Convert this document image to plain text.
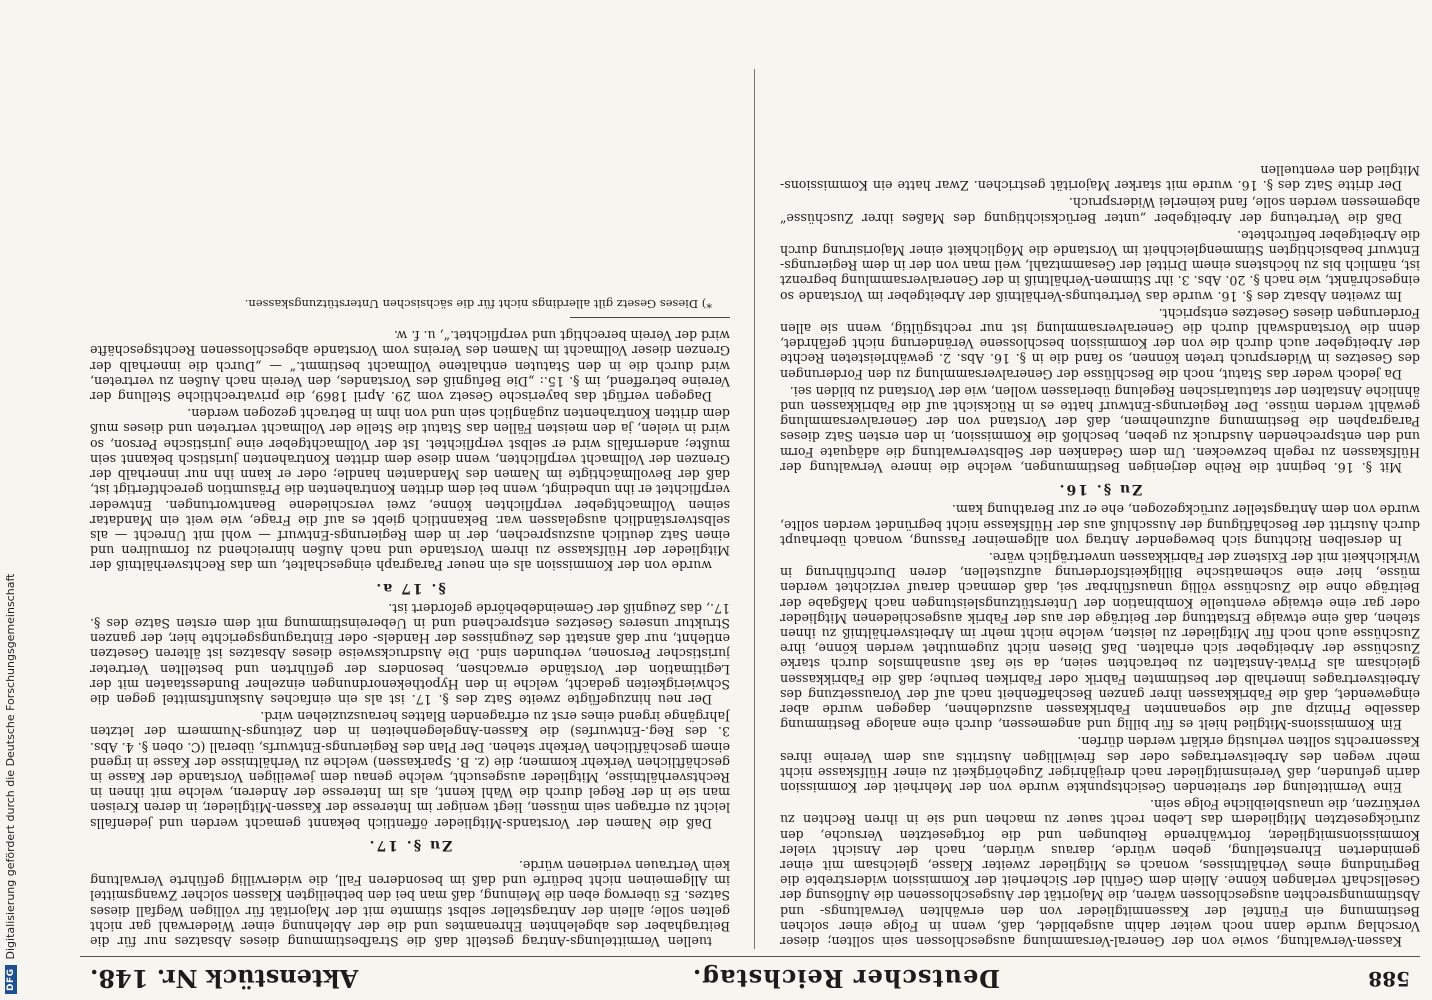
DFG
Digitalisierung gefördert durch die Deutsche Forschungsgemeinschaft
588
Deutscher Reichstag.
Aktenstück Nr. 148.

Kassen-Verwaltung, sowie von der General-Versammlung ausgeschlossen sein sollten; dieser Vorschlag wurde dann noch weiter dahin ausgebildet, daß, wenn in Folge einer solchen Bestimmung ein Fünftel der Kassenmitglieder von den erwählten Verwaltungs- und Abstimmungsrechten ausgeschlossen wären, die Majorität der Ausgeschlossenen die Auflösung der Gesellschaft verlangen könne. Allein dem Gefühl der Sicherheit der Kommission widerstrebte die Begründung eines Verhältnisses, wonach es Mitglieder zweiter Klasse, gleichsam mit einer geminderten Ehrenstellung, geben würde, daraus würden, nach der Ansicht vieler Kommissionsmitglieder, fortwährende Reibungen und die fortgesetzten Versuche, den zurückgesetzten Mitgliedern das Leben recht sauer zu machen und sie in ihren Rechten zu verkürzen, die unausbleibliche Folge sein.

Eine Vermittelung der streitenden Gesichtspunkte wurde von der Mehrheit der Kommission darin gefunden, daß Vereinsmitglieder nach dreijähriger Zugehörigkeit zu einer Hülfskasse nicht mehr wegen des Arbeitsvertrages oder des freiwilligen Austritts aus dem Vereine ihres Kassenrechts sollten verlustig erklärt werden dürfen.

Ein Kommissions-Mitglied hielt es für billig und angemessen, durch eine analoge Bestimmung dasselbe Prinzip auf die sogenannten Fabrikkassen auszudehnen, dagegen wurde aber eingewendet, daß die Fabrikkassen ihrer ganzen Beschaffenheit nach auf der Voraussetzung des Arbeitsvertrages innerhalb der bestimmten Fabrik oder Fabriken beruhe; daß die Fabrikkassen gleichsam als Privat-Anstalten zu betrachten seien, da sie fast ausnahmslos durch starke Zuschüsse der Arbeitgeber sich erhalten. Daß Diesen nicht zugemuthet werden könne, ihre Zuschüsse auch noch für Mitglieder zu leisten, welche nicht mehr im Arbeitsverhältniß zu ihnen stehen, daß eine etwaige Erstattung der Beiträge der aus der Fabrik ausgeschiedenen Mitglieder oder gar eine etwaige eventuelle Kombination der Unterstützungsleistungen nach Maßgabe der Beiträge ohne die Zuschüsse völlig unausführbar sei, daß demnach darauf verzichtet werden müsse, hier eine schematische Billigkeitsforderung aufzustellen, deren Durchführung in Wirklichkeit mit der Existenz der Fabrikkassen unverträglich wäre.

In derselben Richtung sich bewegender Antrag von allgemeiner Fassung, wonach überhaupt durch Austritt der Beschäftigung der Ausschluß aus der Hülfskasse nicht begründet werden sollte, wurde von dem Antragsteller zurückgezogen, ehe er zur Berathung kam.

Zu §. 16.

Mit §. 16. beginnt die Reihe derjenigen Bestimmungen, welche die innere Verwaltung der Hülfskassen zu regeln bezwecken. Um dem Gedanken der Selbstverwaltung die adäquate Form und den entsprechenden Ausdruck zu geben, beschloß die Kommission, in den ersten Satz dieses Paragraphen die Bestimmung aufzunehmen, daß der Vorstand von der Generalversammlung gewählt werden müsse. Der Regierungs-Entwurf hatte es in Rücksicht auf die Fabrikkassen und ähnliche Anstalten der statutarischen Regelung überlassen wollen, wie der Vorstand zu bilden sei.

Da jedoch weder das Statut, noch die Beschlüsse der Generalversammlung zu den Forderungen des Gesetzes in Widerspruch treten können, so fand die in §. 16. Abs. 2. gewährleisteten Rechte der Arbeitgeber auch durch die von der Kommission beschlossene Veränderung nicht gefährdet, denn die Vorstandswahl durch die Generalversammlung ist nur rechtsgültig, wenn sie allen Forderungen dieses Gesetzes entspricht.

Im zweiten Absatz des §. 16. wurde das Vertretungs-Verhältniß der Arbeitgeber im Vorstande so eingeschränkt, wie nach §. 20. Abs. 3. ihr Stimmen-Verhältniß in der Generalversammlung begrenzt ist, nämlich bis zu höchstens einem Drittel der Gesammtzahl, weil man von der in dem Regierungs-Entwurf beabsichtigten Stimmengleichheit im Vorstande die Möglichkeit einer Majorisirung durch die Arbeitgeber befürchtete.

Daß die Vertretung der Arbeitgeber „unter Berücksichtigung des Maßes ihrer Zuschüsse“ abgemessen werden solle, fand keinerlei Widerspruch.

Der dritte Satz des §. 16. wurde mit starker Majorität gestrichen. Zwar hatte ein Kommissions-Mitglied den eventuellen

tuellen Vermittelungs-Antrag gestellt daß die Strafbestimmung dieses Absatzes nur für die Beitraghaber des abgelehnten Ehrenamtes und die der Ablehnung einer Wiederwahl gar nicht gelten solle; allein der Antragsteller selbst stimmte mit der Majorität für völligen Wegfall dieses Satzes. Es überwog eben die Meinung, daß man bei den betheiligten Klassen solcher Zwangsmittel im Allgemeinen nicht bedürfe und daß im besonderen Fall, die widerwillig geführte Verwaltung kein Vertrauen verdienen würde.

Zu §. 17.

Daß die Namen der Vorstands-Mitglieder öffentlich bekannt gemacht werden und jedenfalls leicht zu erfragen sein müssen, liegt weniger im Interesse der Kassen-Mitglieder, in deren Kreisen man sie in der Regel durch die Wahl kennt, als im Interesse der Anderen, welche mit ihnen in Rechtsverhältnisse, Mitglieder ausgesucht, welche genau dem jeweiligen Vorstande der Kasse in geschäftlichen Verkehr kommen; die (z. B. Sparkassen) welche zu Verhältnisse der Kasse in irgend einem geschäftlichen Verkehr stehen. Der Plan des Regierungs-Entwurfs, überall (C. oben §. 4. Abs. 3. des Reg.-Entwurfes) die Kassen-Angelegenheiten in den Zeitungs-Nummern der letzten Jahrgänge irgend eines erst zu erfragenden Blattes herauszuziehen wird.

Der neu hinzugefügte zweite Satz des §. 17. ist als ein einfaches Auskunftsmittel gegen die Schwierigkeiten gedacht, welche in den Hypothekenordnungen einzelner Bundesstaaten mit der Legitimation der Vorstände erwachsen, besonders der geführten und bestellten Vertreter juristischer Personen, verbunden sind. Die Ausdrucksweise dieses Absatzes ist älteren Gesetzen entlehnt, nur daß anstatt des Zeugnisses der Handels- oder Eintragungsgerichte hier, der ganzen Struktur unseres Gesetzes entsprechend und in Uebereinstimmung mit dem ersten Satze des §. 17., das Zeugniß der Gemeindebehörde gefordert ist.

§. 17 a.

wurde von der Kommission als ein neuer Paragraph eingeschaltet, um das Rechtsverhältniß der Mitglieder der Hülfskasse zu ihrem Vorstande und nach Außen hinreichend zu formuliren und einen Satz deutlich auszusprechen, der in dem Regierungs-Entwurf — wohl mit Unrecht — als selbstverständlich ausgelassen war. Bekanntlich giebt es auf die Frage, wie weit ein Mandatar seinen Vollmachtgeber verpflichten könne, zwei verschiedene Beantwortungen. Entweder verpflichtet er ihn unbedingt, wenn bei dem dritten Kontrahenten die Präsumtion gerechtfertigt ist, daß der Bevollmächtigte im Namen des Mandanten handle; oder er kann ihn nur innerhalb der Grenzen der Vollmacht verpflichten, wenn diese dem dritten Kontrahenten juristisch bekannt sein mußte; andernfalls wird er selbst verpflichtet. Ist der Vollmachtgeber eine juristische Person, so wird in vielen, ja den meisten Fällen das Statut die Stelle der Vollmacht vertreten und dieses muß dem dritten Kontrahenten zugänglich sein und von ihm in Betracht gezogen werden.

Dagegen verfügt das bayerische Gesetz vom 29. April 1869, die privatrechtliche Stellung der Vereine betreffend, im §. 15.: „Die Befugniß des Vorstandes, den Verein nach Außen zu vertreten, wird durch die in den Statuten enthaltene Vollmacht bestimmt.“ — „Durch die innerhalb der Grenzen dieser Vollmacht im Namen des Vereins vom Vorstande abgeschlossenen Rechtsgeschäfte wird der Verein berechtigt und verpflichtet.“, u. f. w.

*) Dieses Gesetz gilt allerdings nicht für die sächsischen Unterstützungskassen.
